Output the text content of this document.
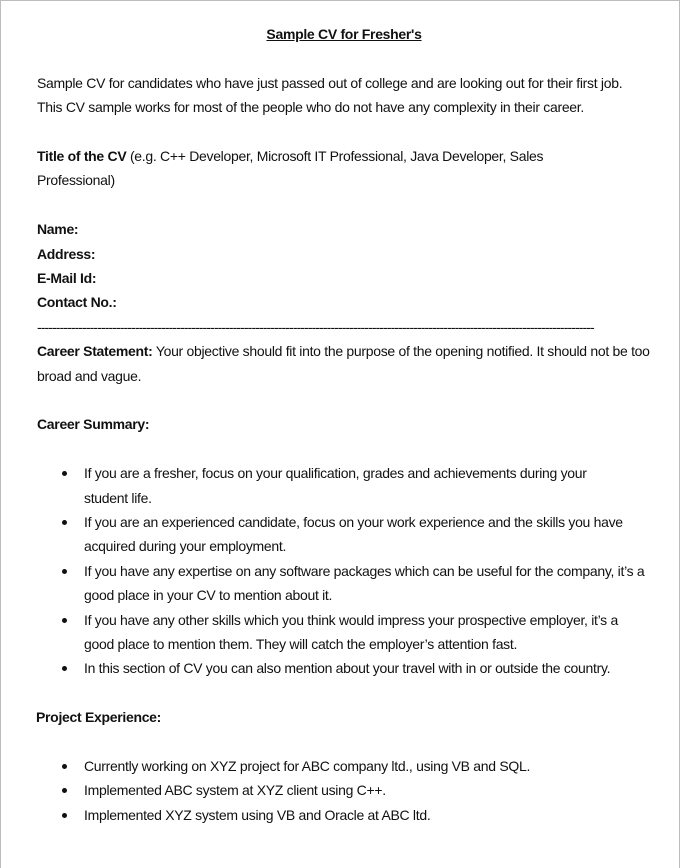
Sample CV for Fresher's

Sample CV for candidates who have just passed out of college and are looking out for their first job.

This CV sample works for most of the people who do not have any complexity in their career.

Title of the CV (e.g. C++ Developer, Microsoft IT Professional, Java Developer, Sales Professional)

Name:

Address:

E-Mail Id:

Contact No.:

----------------------------------------------------------------------------------------------------------------------------------------------------

Career Statement: Your objective should fit into the purpose of the opening notified. It should not be too broad and vague.

Career Summary:
If you are a fresher, focus on your qualification, grades and achievements during your student life.
If you are an experienced candidate, focus on your work experience and the skills you have acquired during your employment.
If you have any expertise on any software packages which can be useful for the company, it’s a good place in your CV to mention about it.
If you have any other skills which you think would impress your prospective employer, it’s a good place to mention them. They will catch the employer’s attention fast.
In this section of CV you can also mention about your travel with in or outside the country.
Project Experience:
Currently working on XYZ project for ABC company ltd., using VB and SQL.
Implemented ABC system at XYZ client using C++.
Implemented XYZ system using VB and Oracle at ABC ltd.
